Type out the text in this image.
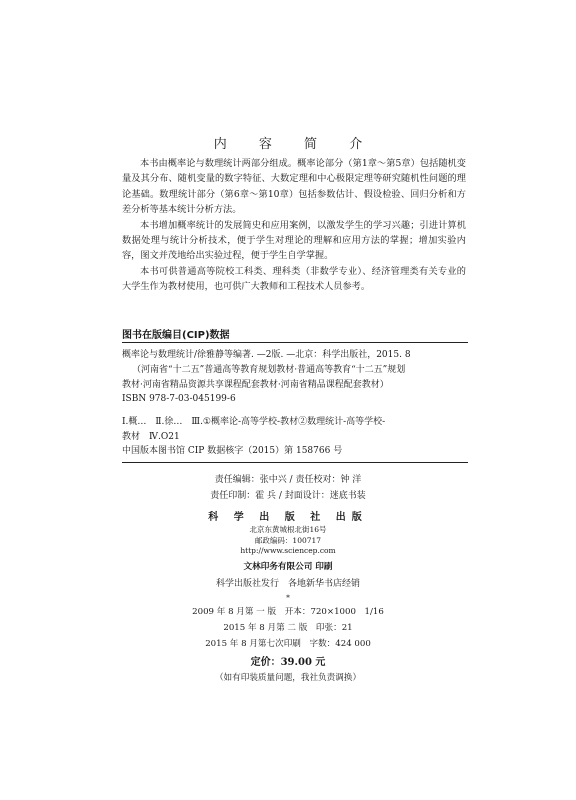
内 容 简 介

本书由概率论与数理统计两部分组成。概率论部分（第1章～第5章）包括随机变量及其分布、随机变量的数字特征、大数定理和中心极限定理等研究随机性问题的理论基础。数理统计部分（第6章～第10章）包括参数估计、假设检验、回归分析和方差分析等基本统计分析方法。

本书增加概率统计的发展简史和应用案例，以激发学生的学习兴趣；引进计算机数据处理与统计分析技术，便于学生对理论的理解和应用方法的掌握；增加实验内容，图文并茂地给出实验过程，便于学生自学掌握。

本书可供普通高等院校工科类、理科类（非数学专业）、经济管理类有关专业的大学生作为教材使用，也可供广大教师和工程技术人员参考。

图书在版编目(CIP)数据
概率论与数理统计/徐雅静等编著. —2版. —北京：科学出版社，2015. 8
（河南省“十二五”普通高等教育规划教材·普通高等教育“十二五”规划
教材·河南省精品资源共享课程配套教材·河南省精品课程配套教材）
ISBN 978-7-03-045199-6
Ⅰ.概…　Ⅱ.徐…　Ⅲ.①概率论-高等学校-教材②数理统计-高等学校-
教材　Ⅳ.O21
中国版本图书馆 CIP 数据核字（2015）第 158766 号
责任编辑：张中兴 / 责任校对：钟 洋
责任印制：霍 兵 / 封面设计：迷底书装
科 学 出 版 社 出版
北京东黄城根北街16号
邮政编码：100717
http://www.sciencep.com
文林印务有限公司 印刷
科学出版社发行　各地新华书店经销
*
2009 年 8 月第 一 版　开本：720×1000　1/16
2015 年 8 月第 二 版　印张：21
2015 年 8 月第七次印刷　字数：424 000
定价：39.00 元
（如有印装质量问题，我社负责调换）
